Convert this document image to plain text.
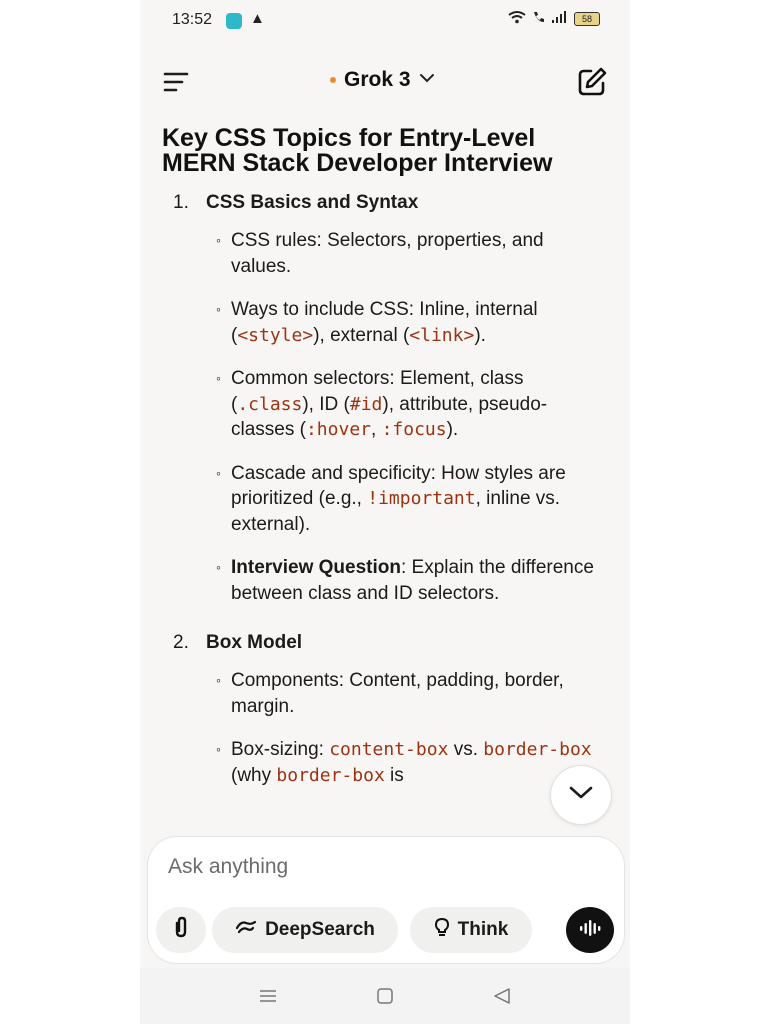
13:52	▲	58
Grok 3
Key CSS Topics for Entry-Level MERN Stack Developer Interview
1. CSS Basics and Syntax
◦ CSS rules: Selectors, properties, and values.
◦ Ways to include CSS: Inline, internal (<style>), external (<link>).
◦ Common selectors: Element, class (.class), ID (#id), attribute, pseudo-classes (:hover, :focus).
◦ Cascade and specificity: How styles are prioritized (e.g., !important, inline vs. external).
◦ Interview Question: Explain the difference between class and ID selectors.
2. Box Model
◦ Components: Content, padding, border, margin.
◦ Box-sizing: content-box vs. border-box (why border-box is
Ask anything
DeepSearch	Think
